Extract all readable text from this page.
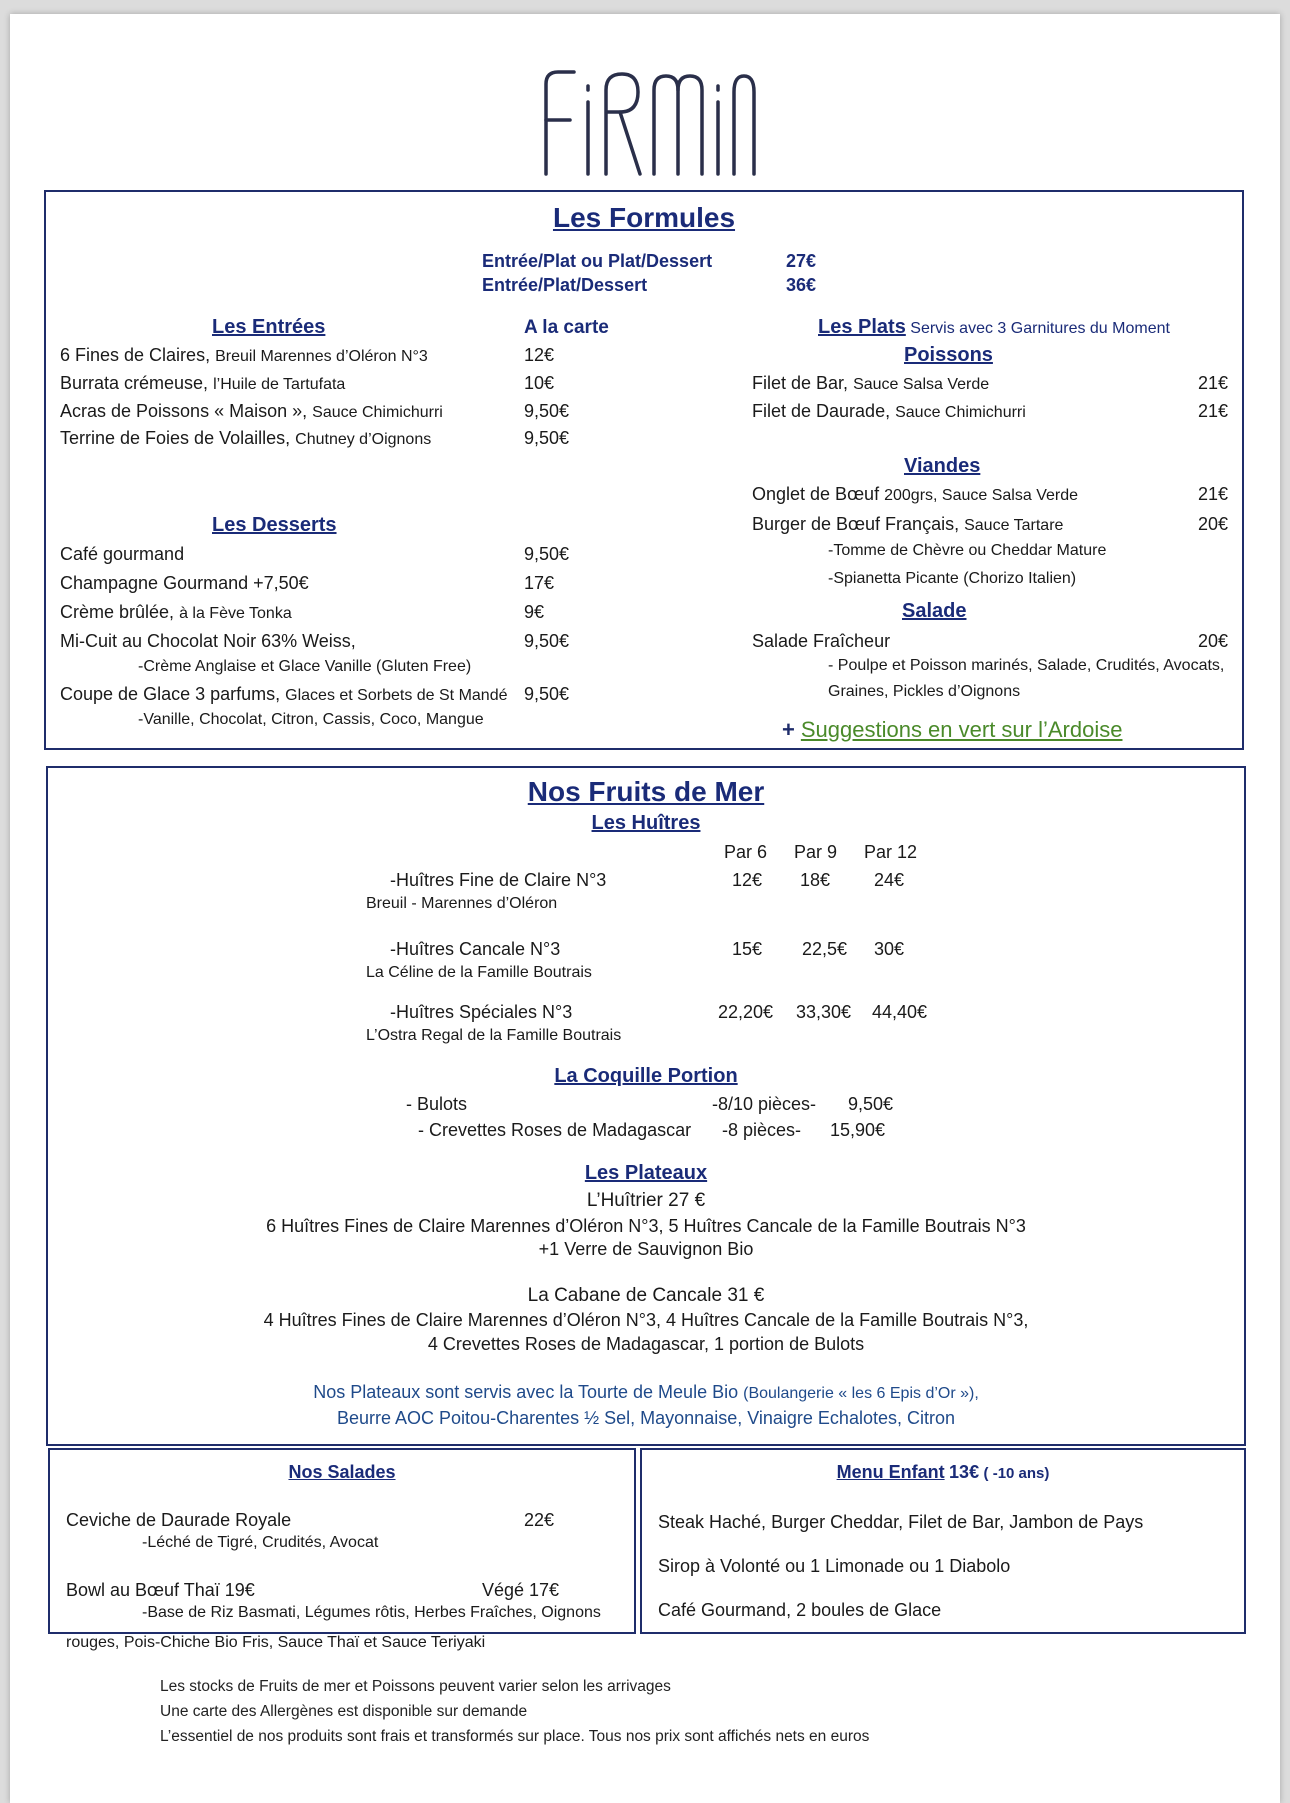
Les Formules
Entrée/Plat ou Plat/Dessert	27€
Entrée/Plat/Dessert	36€
Les Entrées	A la carte
6 Fines de Claires, Breuil Marennes d’Oléron N°3	12€
Burrata crémeuse, l’Huile de Tartufata	10€
Acras de Poissons « Maison », Sauce Chimichurri	9,50€
Terrine de Foies de Volailles, Chutney d’Oignons	9,50€
Les Desserts
Café gourmand	9,50€
Champagne Gourmand +7,50€	17€
Crème brûlée, à la Fève Tonka	9€
Mi-Cuit au Chocolat Noir 63% Weiss,	9,50€
-Crème Anglaise et Glace Vanille (Gluten Free)
Coupe de Glace 3 parfums, Glaces et Sorbets de St Mandé 9,50€
-Vanille, Chocolat, Citron, Cassis, Coco, Mangue
Les Plats Servis avec 3 Garnitures du Moment
Poissons
Filet de Bar, Sauce Salsa Verde	21€
Filet de Daurade, Sauce Chimichurri	21€
Viandes
Onglet de Bœuf 200grs, Sauce Salsa Verde	21€
Burger de Bœuf Français, Sauce Tartare	20€
-Tomme de Chèvre ou Cheddar Mature
-Spianetta Picante (Chorizo Italien)
Salade
Salade Fraîcheur	20€
- Poulpe et Poisson marinés, Salade, Crudités, Avocats,
Graines, Pickles d’Oignons
+ Suggestions en vert sur l’Ardoise
Nos Fruits de Mer
Les Huîtres
Par 6 Par 9 Par 12
-Huîtres Fine de Claire N°3	12€ 18€ 24€
Breuil - Marennes d’Oléron
-Huîtres Cancale N°3	15€ 22,5€ 30€
La Céline de la Famille Boutrais
-Huîtres Spéciales N°3	22,20€ 33,30€ 44,40€
L’Ostra Regal de la Famille Boutrais
La Coquille Portion
- Bulots	-8/10 pièces- 9,50€
- Crevettes Roses de Madagascar -8 pièces- 15,90€
Les Plateaux
L’Huîtrier 27 €
6 Huîtres Fines de Claire Marennes d’Oléron N°3, 5 Huîtres Cancale de la Famille Boutrais N°3
+1 Verre de Sauvignon Bio
La Cabane de Cancale 31 €
4 Huîtres Fines de Claire Marennes d’Oléron N°3, 4 Huîtres Cancale de la Famille Boutrais N°3,
4 Crevettes Roses de Madagascar, 1 portion de Bulots
Nos Plateaux sont servis avec la Tourte de Meule Bio (Boulangerie « les 6 Epis d’Or »),
Beurre AOC Poitou-Charentes ½ Sel, Mayonnaise, Vinaigre Echalotes, Citron
Nos Salades
Ceviche de Daurade Royale	22€
-Léché de Tigré, Crudités, Avocat
Bowl au Bœuf Thaï 19€	Végé 17€
-Base de Riz Basmati, Légumes rôtis, Herbes Fraîches, Oignons
rouges, Pois-Chiche Bio Fris, Sauce Thaï et Sauce Teriyaki
Menu Enfant 13€ ( -10 ans)
Steak Haché, Burger Cheddar, Filet de Bar, Jambon de Pays
Sirop à Volonté ou 1 Limonade ou 1 Diabolo
Café Gourmand, 2 boules de Glace
Les stocks de Fruits de mer et Poissons peuvent varier selon les arrivages
Une carte des Allergènes est disponible sur demande
L’essentiel de nos produits sont frais et transformés sur place. Tous nos prix sont affichés nets en euros
